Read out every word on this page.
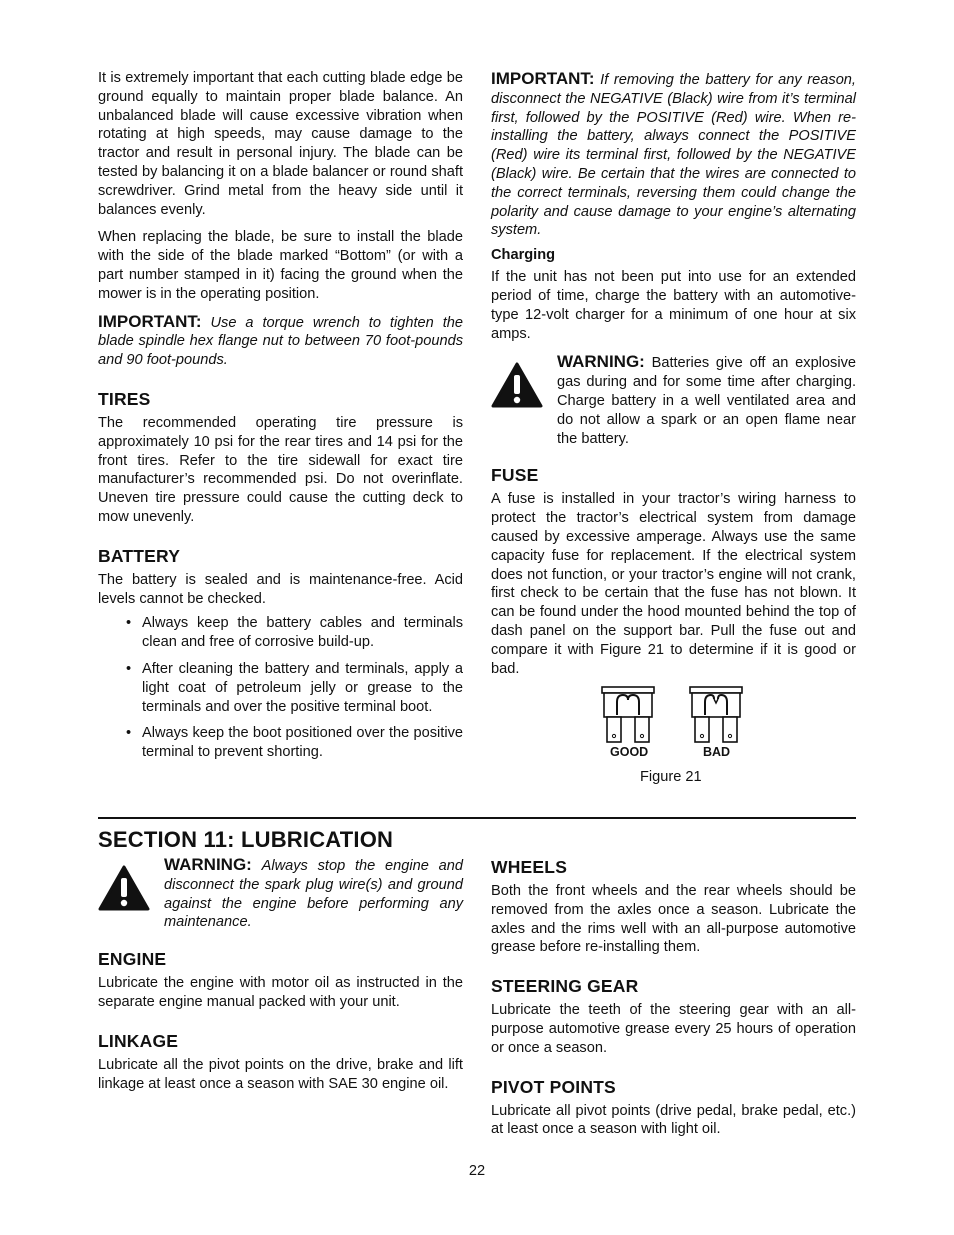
It is extremely important that each cutting blade edge be ground equally to maintain proper blade balance. An unbalanced blade will cause excessive vibration when rotating at high speeds, may cause damage to the tractor and result in personal injury. The blade can be tested by balancing it on a blade balancer or round shaft screwdriver. Grind metal from the heavy side until it balances evenly.

When replacing the blade, be sure to install the blade with the side of the blade marked “Bottom” (or with a part number stamped in it) facing the ground when the mower is in the operating position.

IMPORTANT: Use a torque wrench to tighten the blade spindle hex flange nut to between 70 foot-pounds and 90 foot-pounds.

TIRES

The recommended operating tire pressure is approximately 10 psi for the rear tires and 14 psi for the front tires. Refer to the tire sidewall for exact tire manufacturer’s recommended psi. Do not overinflate. Uneven tire pressure could cause the cutting deck to mow unevenly.

BATTERY

The battery is sealed and is maintenance-free. Acid levels cannot be checked.

• Always keep the battery cables and terminals clean and free of corrosive build-up.
• After cleaning the battery and terminals, apply a light coat of petroleum jelly or grease to the terminals and over the positive terminal boot.
• Always keep the boot positioned over the positive terminal to prevent shorting.

IMPORTANT: If removing the battery for any reason, disconnect the NEGATIVE (Black) wire from it’s terminal first, followed by the POSITIVE (Red) wire. When re-installing the battery, always connect the POSITIVE (Red) wire its terminal first, followed by the NEGATIVE (Black) wire. Be certain that the wires are connected to the correct terminals, reversing them could change the polarity and cause damage to your engine’s alternating system.

Charging

If the unit has not been put into use for an extended period of time, charge the battery with an automotive-type 12-volt charger for a minimum of one hour at six amps.

WARNING: Batteries give off an explosive gas during and for some time after charging. Charge battery in a well ventilated area and do not allow a spark or an open flame near the battery.

FUSE

A fuse is installed in your tractor’s wiring harness to protect the tractor’s electrical system from damage caused by excessive amperage. Always use the same capacity fuse for replacement. If the electrical system does not function, or your tractor’s engine will not crank, first check to be certain that the fuse has not blown. It can be found under the hood mounted behind the top of dash panel on the support bar. Pull the fuse out and compare it with Figure 21 to determine if it is good or bad.

GOOD	BAD
Figure 21
SECTION 11: LUBRICATION

WARNING: Always stop the engine and disconnect the spark plug wire(s) and ground against the engine before performing any maintenance.

ENGINE

Lubricate the engine with motor oil as instructed in the separate engine manual packed with your unit.

LINKAGE

Lubricate all the pivot points on the drive, brake and lift linkage at least once a season with SAE 30 engine oil.

WHEELS

Both the front wheels and the rear wheels should be removed from the axles once a season. Lubricate the axles and the rims well with an all-purpose automotive grease before re-installing them.

STEERING GEAR

Lubricate the teeth of the steering gear with an all-purpose automotive grease every 25 hours of operation or once a season.

PIVOT POINTS

Lubricate all pivot points (drive pedal, brake pedal, etc.) at least once a season with light oil.

22
